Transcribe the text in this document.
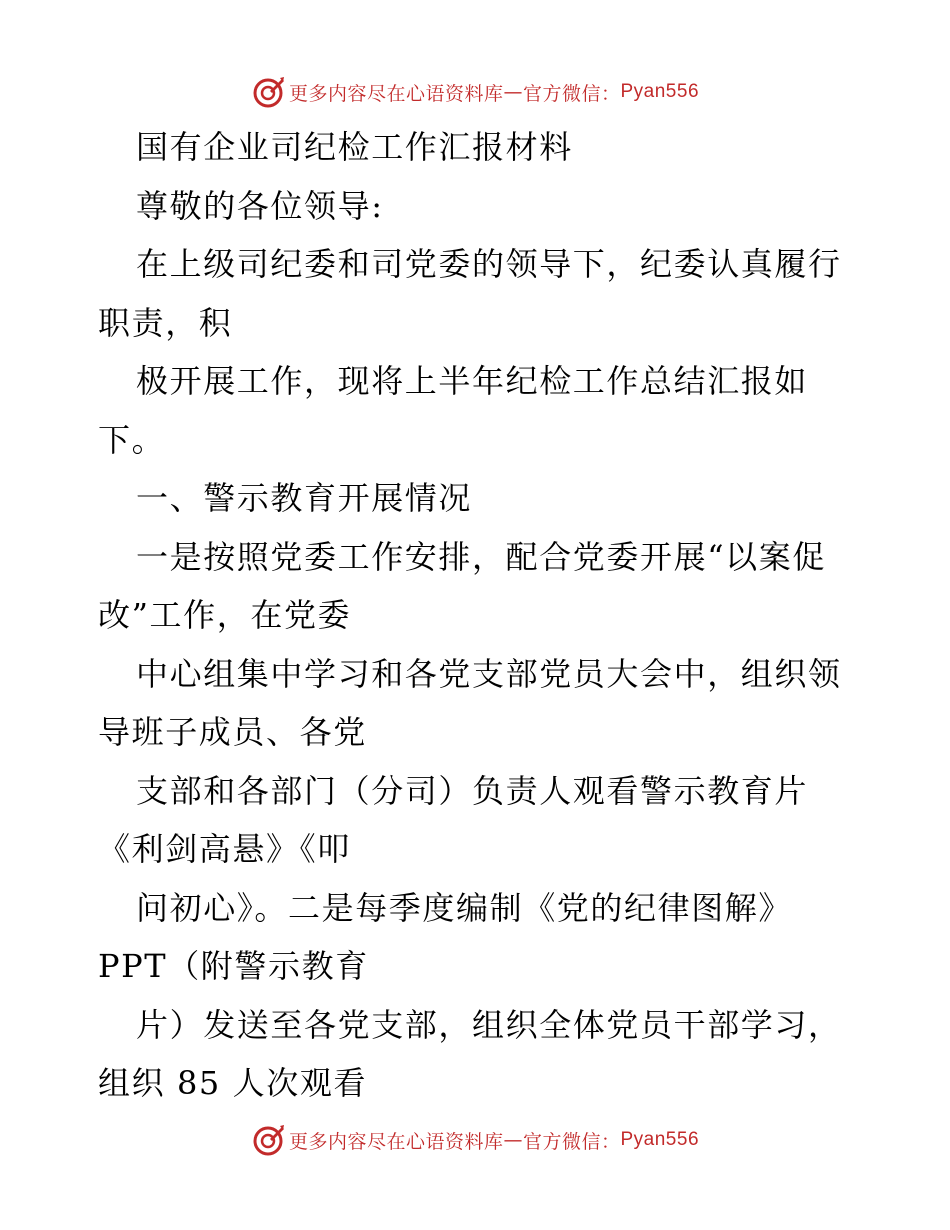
更多内容尽在心语资料库 — 官方微信： Pyan556
国有企业司纪检工作汇报材料
尊敬的各位领导:
在上级司纪委和司党委的领导下，纪委认真履行
职责，积
极开展工作，现将上半年纪检工作总结汇报如
下。
一、警示教育开展情况
一是按照党委工作安排，配合党委开展“以案促
改”工作，在党委
中心组集中学习和各党支部党员大会中，组织领
导班子成员、各党
支部和各部门（分司）负责人观看警示教育片
《利剑高悬》《叩
问初心》。二是每季度编制《党的纪律图解》
PPT（附警示教育
片）发送至各党支部，组织全体党员干部学习，
组织 85 人次观看
更多内容尽在心语资料库 — 官方微信： Pyan556
